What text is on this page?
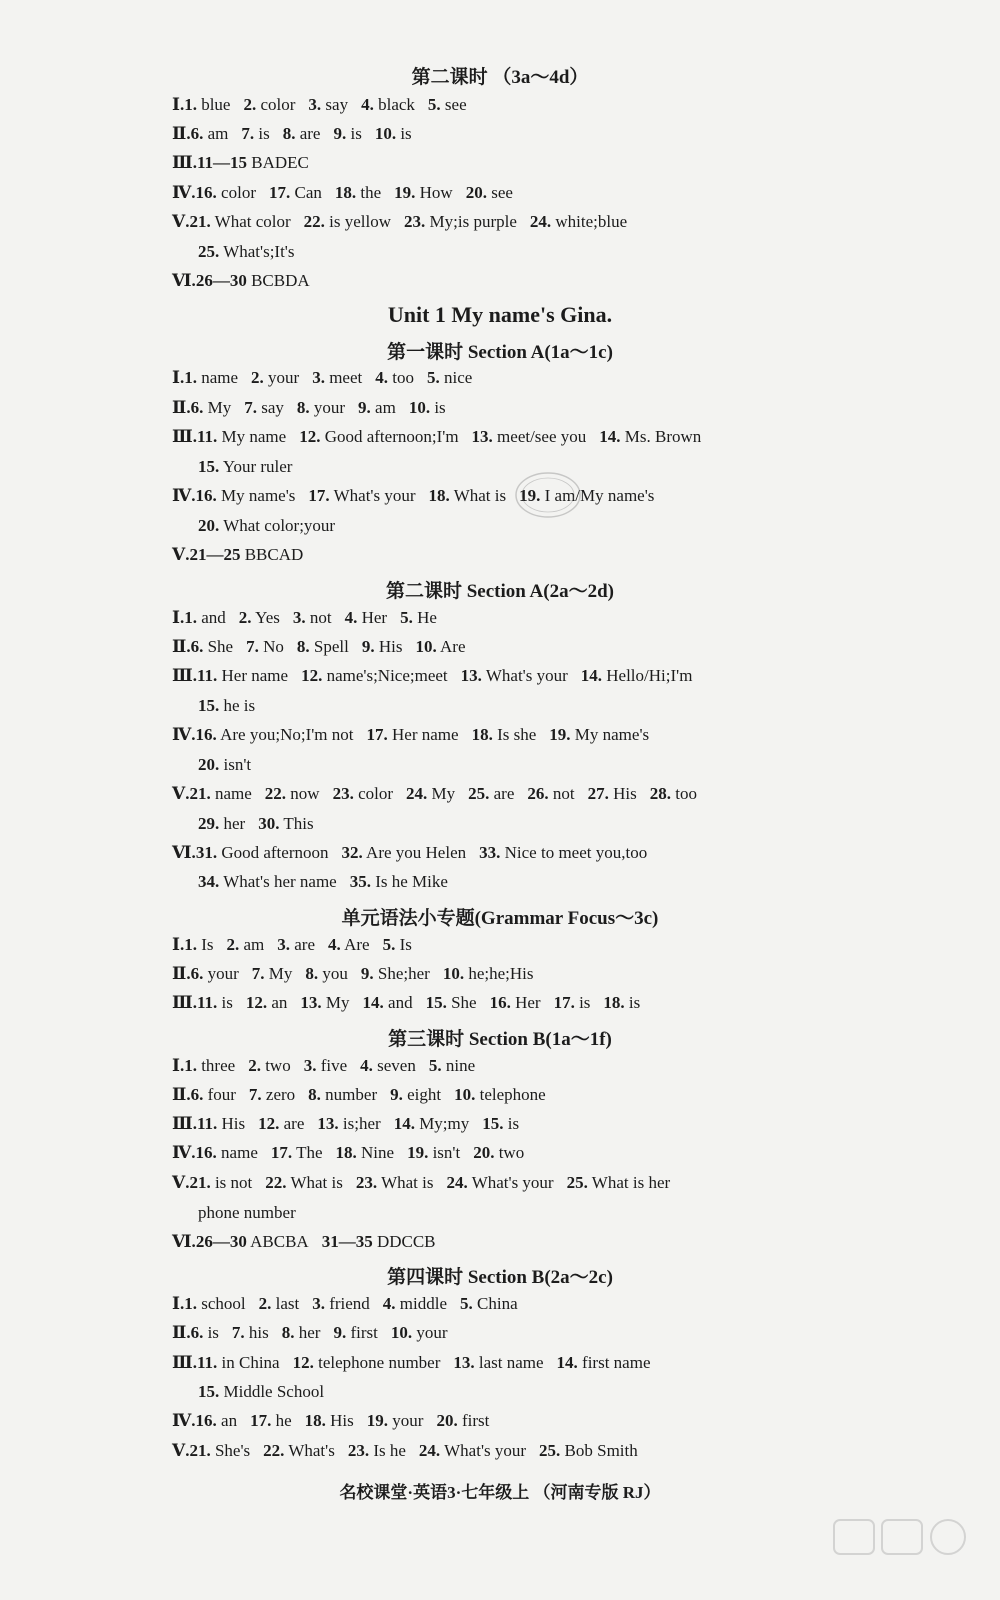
第二课时 （3a～4d）
Ⅰ.1. blue 2. color 3. say 4. black 5. see
Ⅱ.6. am 7. is 8. are 9. is 10. is
Ⅲ.11—15 BADEC
Ⅳ.16. color 17. Can 18. the 19. How 20. see
Ⅴ.21. What color 22. is yellow 23. My;is purple 24. white;blue
25. What's;It's
Ⅵ.26—30 BCBDA
Unit 1 My name's Gina.
第一课时 Section A(1a～1c)
Ⅰ.1. name 2. your 3. meet 4. too 5. nice
Ⅱ.6. My 7. say 8. your 9. am 10. is
Ⅲ.11. My name 12. Good afternoon;I'm 13. meet/see you 14. Ms. Brown
15. Your ruler
Ⅳ.16. My name's 17. What's your 18. What is 19. I am/My name's
20. What color;your
Ⅴ.21—25 BBCAD
第二课时 Section A(2a～2d)
Ⅰ.1. and 2. Yes 3. not 4. Her 5. He
Ⅱ.6. She 7. No 8. Spell 9. His 10. Are
Ⅲ.11. Her name 12. name's;Nice;meet 13. What's your 14. Hello/Hi;I'm
15. he is
Ⅳ.16. Are you;No;I'm not 17. Her name 18. Is she 19. My name's
20. isn't
Ⅴ.21. name 22. now 23. color 24. My 25. are 26. not 27. His 28. too
29. her 30. This
Ⅵ.31. Good afternoon 32. Are you Helen 33. Nice to meet you,too
34. What's her name 35. Is he Mike
单元语法小专题(Grammar Focus～3c)
Ⅰ.1. Is 2. am 3. are 4. Are 5. Is
Ⅱ.6. your 7. My 8. you 9. She;her 10. he;he;His
Ⅲ.11. is 12. an 13. My 14. and 15. She 16. Her 17. is 18. is
第三课时 Section B(1a～1f)
Ⅰ.1. three 2. two 3. five 4. seven 5. nine
Ⅱ.6. four 7. zero 8. number 9. eight 10. telephone
Ⅲ.11. His 12. are 13. is;her 14. My;my 15. is
Ⅳ.16. name 17. The 18. Nine 19. isn't 20. two
Ⅴ.21. is not 22. What is 23. What is 24. What's your 25. What is her
phone number
Ⅵ.26—30 ABCBA 31—35 DDCCB
第四课时 Section B(2a～2c)
Ⅰ.1. school 2. last 3. friend 4. middle 5. China
Ⅱ.6. is 7. his 8. her 9. first 10. your
Ⅲ.11. in China 12. telephone number 13. last name 14. first name
15. Middle School
Ⅳ.16. an 17. he 18. His 19. your 20. first
Ⅴ.21. She's 22. What's 23. Is he 24. What's your 25. Bob Smith
名校课堂·英语3·七年级上 （河南专版 RJ）
